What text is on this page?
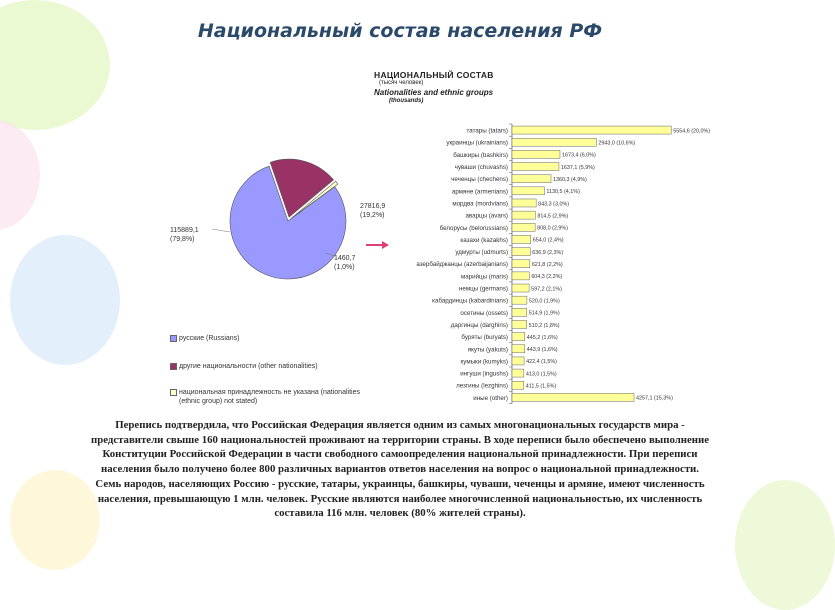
Национальный состав населения РФ
НАЦИОНАЛЬНЫЙ СОСТАВ
(тысяч человек)
Nationalities and ethnic groups
(thousands)
115889,1
(79,8%)
27816,9
(19,2%)
1460,7
(1,0%)
татары (tatars)	5554,6 (20,0%)
украинцы (ukrainians)	2943,0 (10,6%)
башкиры (bashkirs)	1673,4 (6,0%)
чуваши (chuvashs)	1637,1 (5,9%)
чеченцы (chechens)	1360,3 (4,9%)
армяне (armenians)	1130,5 (4,1%)
мордва (mordvians)	843,3 (3,0%)
аварцы (avars)	814,5 (2,9%)
белорусы (belorussians)	808,0 (2,9%)
казахи (kazakhs)	654,0 (2,4%)
удмурты (udmurts)	636,9 (2,3%)
азербайджанцы (azerbaijanians)	621,8 (2,2%)
марийцы (maris)	604,3 (2,2%)
немцы (germans)	597,2 (2,1%)
кабардинцы (kabardinians)	520,0 (1,9%)
осетины (ossets)	514,9 (1,9%)
даргинцы (darghins)	510,2 (1,8%)
буряты (buryats)	445,2 (1,6%)
якуты (yakuts)	443,9 (1,6%)
кумыки (kumyks)	422,4 (1,5%)
ингуши (ingushs)	413,0 (1,5%)
лезгины (lezghins)	411,5 (1,5%)
иные (other)	4257,1 (15,3%)
русские (Russians)
другие национальности (other nationalities)
национальная принадлежность не указана (nationalities (ethnic group) not stated)

Перепись подтвердила, что Российская Федерация является одним из самых многонациональных государств мира - представители свыше 160 национальностей проживают на территории страны. В ходе переписи было обеспечено выполнение Конституции Российской Федерации в части свободного самоопределения национальной принадлежности. При переписи населения было получено более 800 различных вариантов ответов населения на вопрос о национальной принадлежности.

Семь народов, населяющих Россию - русские, татары, украинцы, башкиры, чуваши, чеченцы и армяне, имеют численность населения, превышающую 1 млн. человек. Русские являются наиболее многочисленной национальностью, их численность составила 116 млн. человек (80% жителей страны).
